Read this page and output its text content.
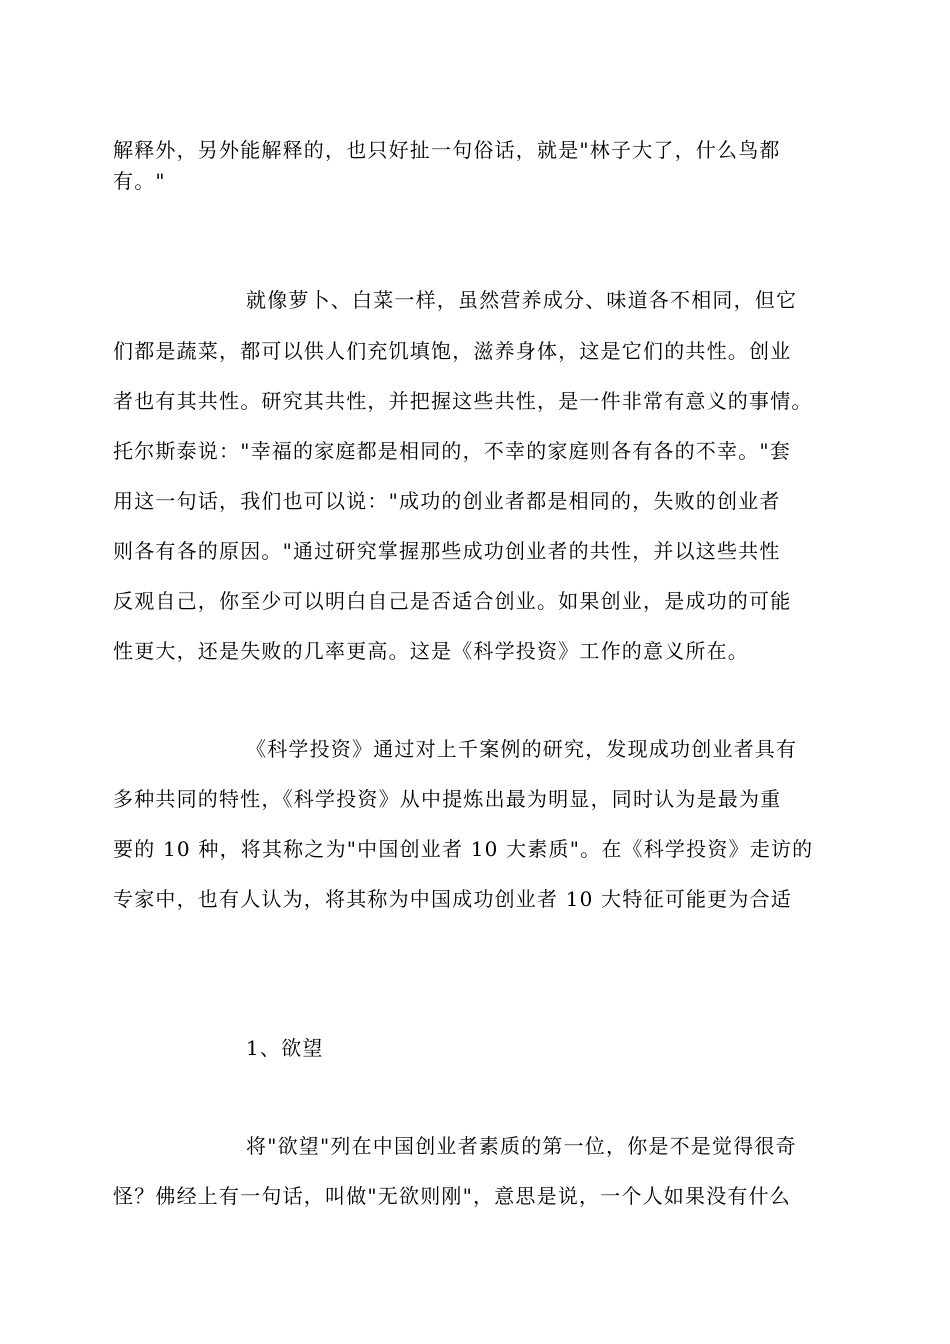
解释外，另外能解释的，也只好扯一句俗话，就是"林子大了，什么鸟都
有。"
就像萝卜、白菜一样，虽然营养成分、味道各不相同，但它
们都是蔬菜，都可以供人们充饥填饱，滋养身体，这是它们的共性。创业
者也有其共性。研究其共性，并把握这些共性，是一件非常有意义的事情。
托尔斯泰说："幸福的家庭都是相同的，不幸的家庭则各有各的不幸。"套
用这一句话，我们也可以说："成功的创业者都是相同的，失败的创业者
则各有各的原因。"通过研究掌握那些成功创业者的共性，并以这些共性
反观自己，你至少可以明白自己是否适合创业。如果创业，是成功的可能
性更大，还是失败的几率更高。这是《科学投资》工作的意义所在。
《科学投资》通过对上千案例的研究，发现成功创业者具有
多种共同的特性，《科学投资》从中提炼出最为明显，同时认为是最为重
要的 10 种，将其称之为"中国创业者 10 大素质"。在《科学投资》走访的
专家中，也有人认为，将其称为中国成功创业者 10 大特征可能更为合适
1、欲望
将"欲望"列在中国创业者素质的第一位，你是不是觉得很奇
怪？佛经上有一句话，叫做"无欲则刚"，意思是说，一个人如果没有什么
